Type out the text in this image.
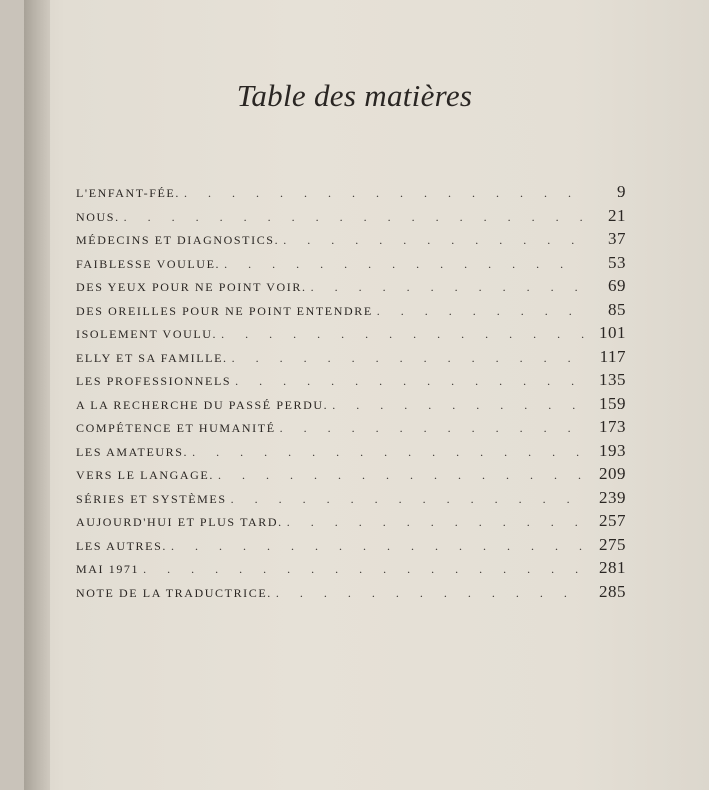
Table des matières
L'ENFANT-FÉE. . . .	9
NOUS. . . .	21
MÉDECINS ET DIAGNOSTICS. . . .	37
FAIBLESSE VOULUE. . . .	53
DES YEUX POUR NE POINT VOIR. . . .	69
DES OREILLES POUR NE POINT ENTENDRE . . .	85
ISOLEMENT VOULU. . . .	101
ELLY ET SA FAMILLE. . . .	117
LES PROFESSIONNELS . . .	135
A LA RECHERCHE DU PASSÉ PERDU. . . .	159
COMPÉTENCE ET HUMANITÉ . . .	173
LES AMATEURS. . . .	193
VERS LE LANGAGE. . . .	209
SÉRIES ET SYSTÈMES . . .	239
AUJOURD'HUI ET PLUS TARD. . . .	257
LES AUTRES. . . .	275
MAI 1971 . . .	281
NOTE DE LA TRADUCTRICE. . . .	285
